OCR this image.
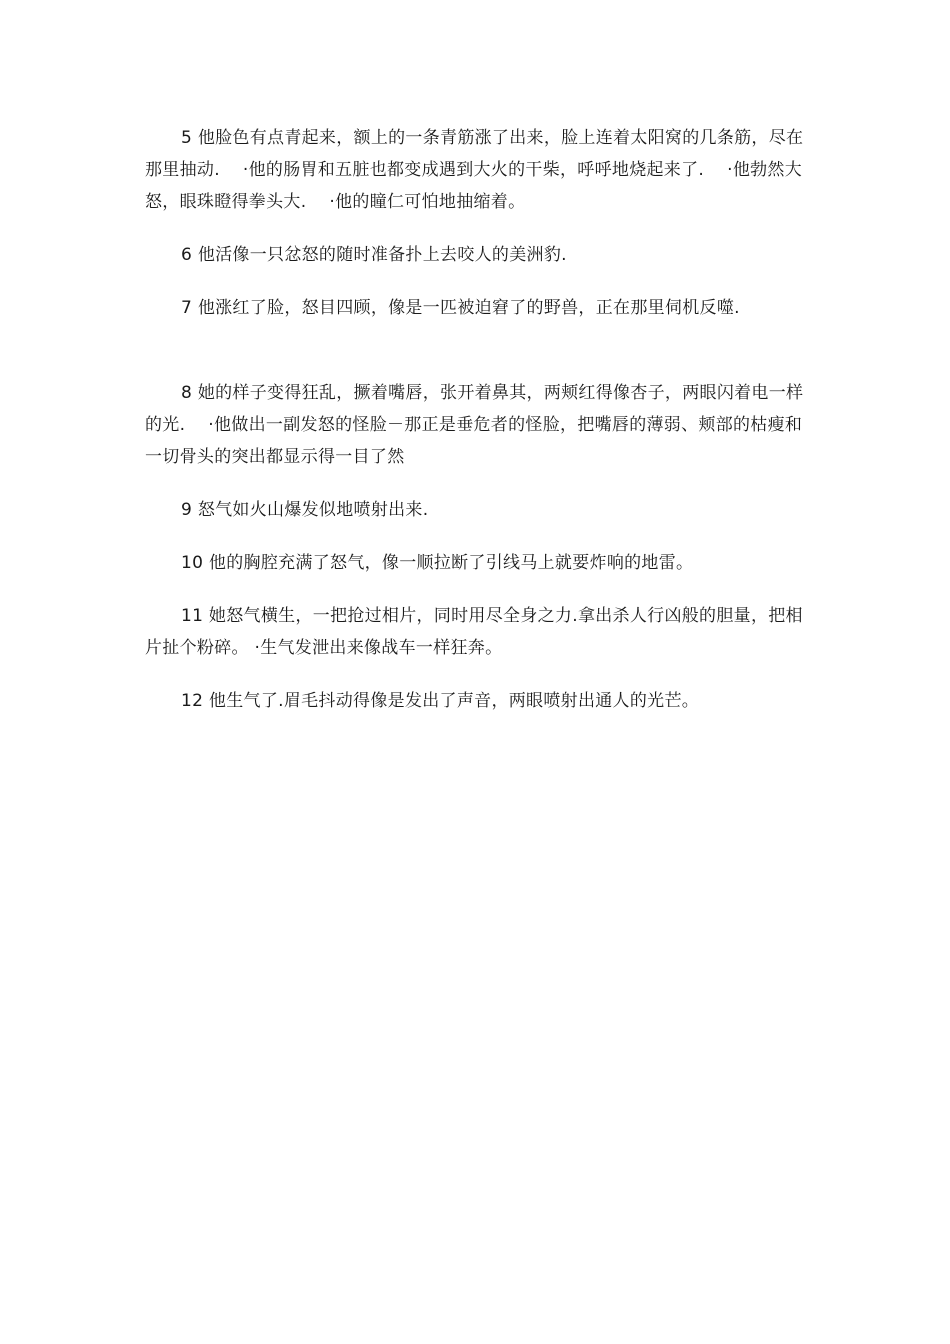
5 他脸色有点青起来，额上的一条青筋涨了出来，脸上连着太阳窝的几条筋，尽在那里抽动.　 ·他的肠胃和五脏也都变成遇到大火的干柴，呼呼地烧起来了.　 ·他勃然大怒，眼珠瞪得拳头大.　 ·他的瞳仁可怕地抽缩着。

6 他活像一只忿怒的随时准备扑上去咬人的美洲豹.

7 他涨红了脸，怒目四顾，像是一匹被迫窘了的野兽，正在那里伺机反噬.

8 她的样子变得狂乱，撅着嘴唇，张开着鼻其，两颊红得像杏子，两眼闪着电一样的光.　 ·他做出一副发怒的怪脸－那正是垂危者的怪脸，把嘴唇的薄弱、颊部的枯瘦和一切骨头的突出都显示得一目了然

9 怒气如火山爆发似地喷射出来.

10 他的胸腔充满了怒气，像一顺拉断了引线马上就要炸响的地雷。

11 她怒气横生，一把抢过相片，同时用尽全身之力.拿出杀人行凶般的胆量，把相片扯个粉碎。 ·生气发泄出来像战车一样狂奔。

12 他生气了.眉毛抖动得像是发出了声音，两眼喷射出通人的光芒。
